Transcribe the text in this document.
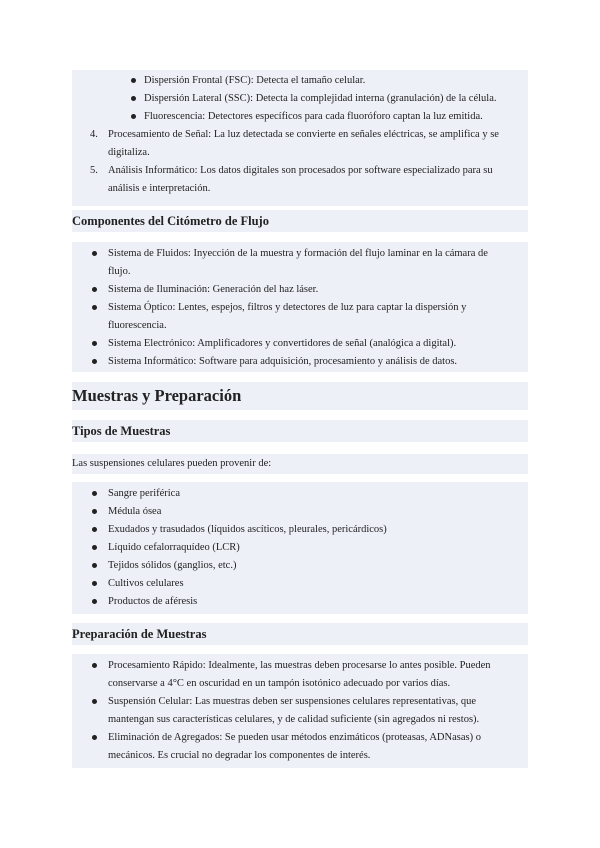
Dispersión Frontal (FSC): Detecta el tamaño celular.
Dispersión Lateral (SSC): Detecta la complejidad interna (granulación) de la célula.
Fluorescencia: Detectores específicos para cada fluoróforo captan la luz emitida.
4. Procesamiento de Señal: La luz detectada se convierte en señales eléctricas, se amplifica y se
digitaliza.
5. Análisis Informático: Los datos digitales son procesados por software especializado para su
análisis e interpretación.
Componentes del Citómetro de Flujo
Sistema de Fluidos: Inyección de la muestra y formación del flujo laminar en la cámara de
flujo.
Sistema de Iluminación: Generación del haz láser.
Sistema Óptico: Lentes, espejos, filtros y detectores de luz para captar la dispersión y
fluorescencia.
Sistema Electrónico: Amplificadores y convertidores de señal (analógica a digital).
Sistema Informático: Software para adquisición, procesamiento y análisis de datos.
Muestras y Preparación
Tipos de Muestras
Las suspensiones celulares pueden provenir de:
Sangre periférica
Médula ósea
Exudados y trasudados (líquidos ascíticos, pleurales, pericárdicos)
Líquido cefalorraquídeo (LCR)
Tejidos sólidos (ganglios, etc.)
Cultivos celulares
Productos de aféresis
Preparación de Muestras
Procesamiento Rápido: Idealmente, las muestras deben procesarse lo antes posible. Pueden
conservarse a 4°C en oscuridad en un tampón isotónico adecuado por varios días.
Suspensión Celular: Las muestras deben ser suspensiones celulares representativas, que
mantengan sus características celulares, y de calidad suficiente (sin agregados ni restos).
Eliminación de Agregados: Se pueden usar métodos enzimáticos (proteasas, ADNasas) o
mecánicos. Es crucial no degradar los componentes de interés.
